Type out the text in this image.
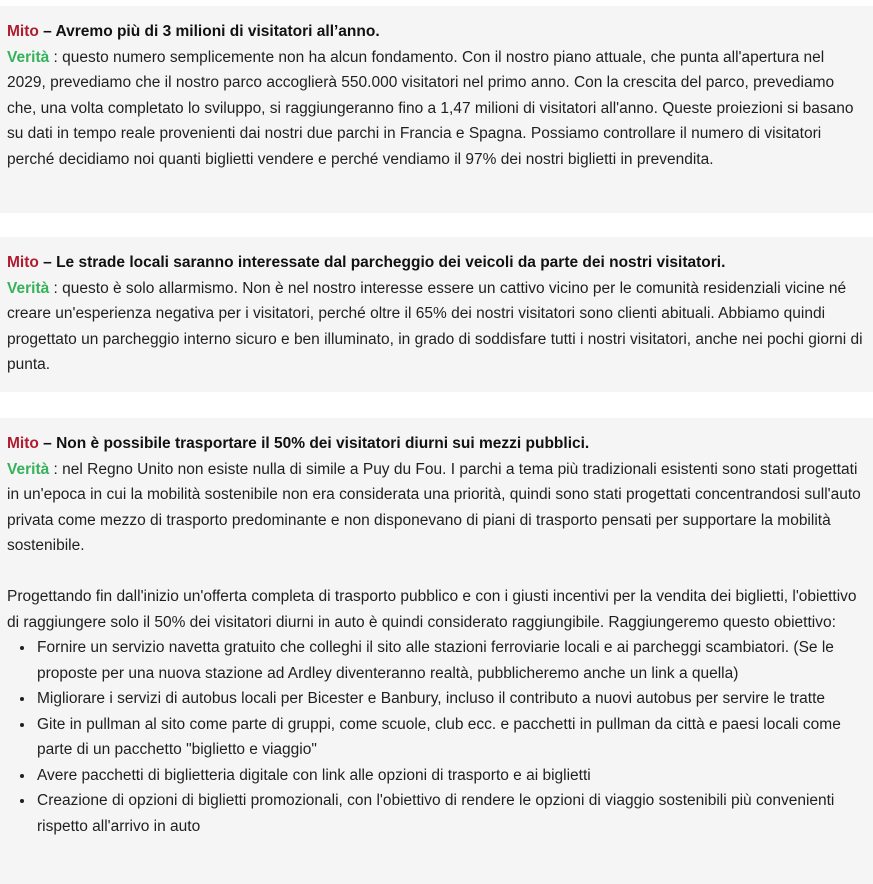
Mito – Avremo più di 3 milioni di visitatori all’anno.

Verità : questo numero semplicemente non ha alcun fondamento. Con il nostro piano attuale, che punta all'apertura nel 2029, prevediamo che il nostro parco accoglierà 550.000 visitatori nel primo anno. Con la crescita del parco, prevediamo che, una volta completato lo sviluppo, si raggiungeranno fino a 1,47 milioni di visitatori all'anno. Queste proiezioni si basano su dati in tempo reale provenienti dai nostri due parchi in Francia e Spagna. Possiamo controllare il numero di visitatori perché decidiamo noi quanti biglietti vendere e perché vendiamo il 97% dei nostri biglietti in prevendita.

Mito – Le strade locali saranno interessate dal parcheggio dei veicoli da parte dei nostri visitatori.

Verità : questo è solo allarmismo. Non è nel nostro interesse essere un cattivo vicino per le comunità residenziali vicine né creare un'esperienza negativa per i visitatori, perché oltre il 65% dei nostri visitatori sono clienti abituali. Abbiamo quindi progettato un parcheggio interno sicuro e ben illuminato, in grado di soddisfare tutti i nostri visitatori, anche nei pochi giorni di punta.

Mito – Non è possibile trasportare il 50% dei visitatori diurni sui mezzi pubblici.

Verità : nel Regno Unito non esiste nulla di simile a Puy du Fou. I parchi a tema più tradizionali esistenti sono stati progettati in un'epoca in cui la mobilità sostenibile non era considerata una priorità, quindi sono stati progettati concentrandosi sull'auto privata come mezzo di trasporto predominante e non disponevano di piani di trasporto pensati per supportare la mobilità sostenibile.

Progettando fin dall'inizio un'offerta completa di trasporto pubblico e con i giusti incentivi per la vendita dei biglietti, l'obiettivo di raggiungere solo il 50% dei visitatori diurni in auto è quindi considerato raggiungibile. Raggiungeremo questo obiettivo:

• Fornire un servizio navetta gratuito che colleghi il sito alle stazioni ferroviarie locali e ai parcheggi scambiatori. (Se le proposte per una nuova stazione ad Ardley diventeranno realtà, pubblicheremo anche un link a quella)
• Migliorare i servizi di autobus locali per Bicester e Banbury, incluso il contributo a nuovi autobus per servire le tratte
• Gite in pullman al sito come parte di gruppi, come scuole, club ecc. e pacchetti in pullman da città e paesi locali come parte di un pacchetto "biglietto e viaggio"
• Avere pacchetti di biglietteria digitale con link alle opzioni di trasporto e ai biglietti
• Creazione di opzioni di biglietti promozionali, con l'obiettivo di rendere le opzioni di viaggio sostenibili più convenienti rispetto all'arrivo in auto
